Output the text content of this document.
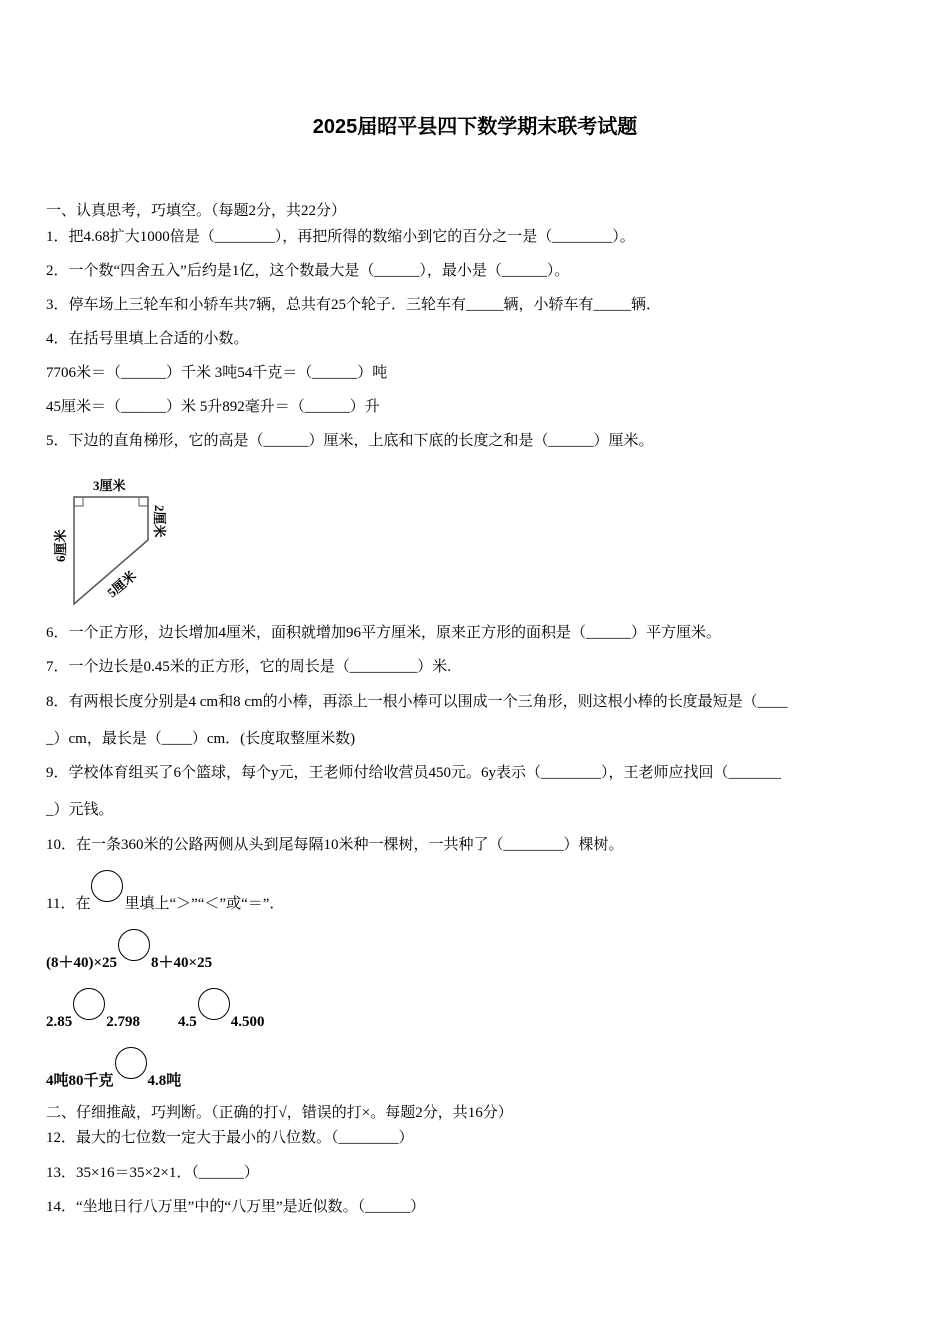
2025届昭平县四下数学期末联考试题
一、认真思考，巧填空。（每题2分，共22分）
1．把4.68扩大1000倍是（________），再把所得的数缩小到它的百分之一是（________）。
2．一个数“四舍五入”后约是1亿，这个数最大是（______），最小是（______）。
3．停车场上三轮车和小轿车共7辆，总共有25个轮子．三轮车有_____辆，小轿车有_____辆．
4．在括号里填上合适的小数。
7706米＝（______）千米 3吨54千克＝（______）吨
45厘米＝（______）米 5升892毫升＝（______）升
5．下边的直角梯形，它的高是（______）厘米，上底和下底的长度之和是（______）厘米。
3厘米
6厘米
2厘米
5厘米
6．一个正方形，边长增加4厘米，面积就增加96平方厘米，原来正方形的面积是（______）平方厘米。
7．一个边长是0.45米的正方形，它的周长是（_________）米.
8．有两根长度分别是4 cm和8 cm的小棒，再添上一根小棒可以围成一个三角形，则这根小棒的长度最短是（____
_）cm，最长是（____）cm．(长度取整厘米数)
9．学校体育组买了6个篮球，每个y元，王老师付给收营员450元。6y表示（________），王老师应找回（_______
_）元钱。
10．在一条360米的公路两侧从头到尾每隔10米种一棵树，一共种了（________）棵树。
11．在 里填上“＞”“＜”或“＝”．
(8＋40)×25 8＋40×25
2.85 2.798	4.5 4.500
4吨80千克 4.8吨
二、仔细推敲，巧判断。（正确的打√，错误的打×。每题2分，共16分）
12．最大的七位数一定大于最小的八位数。（________）
13．35×16＝35×2×1．（______）
14．“坐地日行八万里”中的“八万里”是近似数。（______）
